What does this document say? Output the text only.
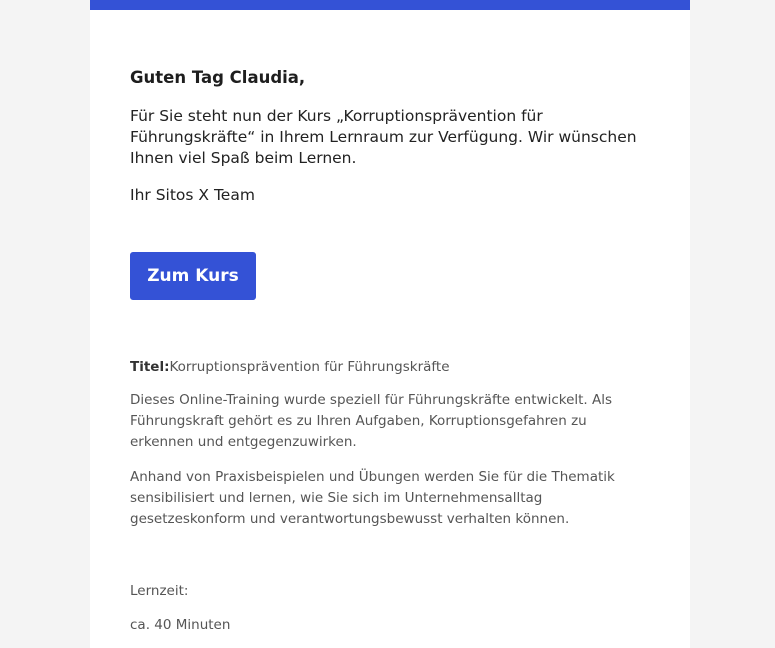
Guten Tag Claudia,

Für Sie steht nun der Kurs „Korruptionsprävention für Führungskräfte“ in Ihrem Lernraum zur Verfügung. Wir wünschen Ihnen viel Spaß beim Lernen.

Ihr Sitos X Team

Zum Kurs

Titel:Korruptionsprävention für Führungskräfte

Dieses Online-Training wurde speziell für Führungskräfte entwickelt. Als Führungskraft gehört es zu Ihren Aufgaben, Korruptionsgefahren zu erkennen und entgegenzuwirken.

Anhand von Praxisbeispielen und Übungen werden Sie für die Thematik sensibilisiert und lernen, wie Sie sich im Unternehmensalltag gesetzeskonform und verantwortungsbewusst verhalten können.

Lernzeit:

ca. 40 Minuten
